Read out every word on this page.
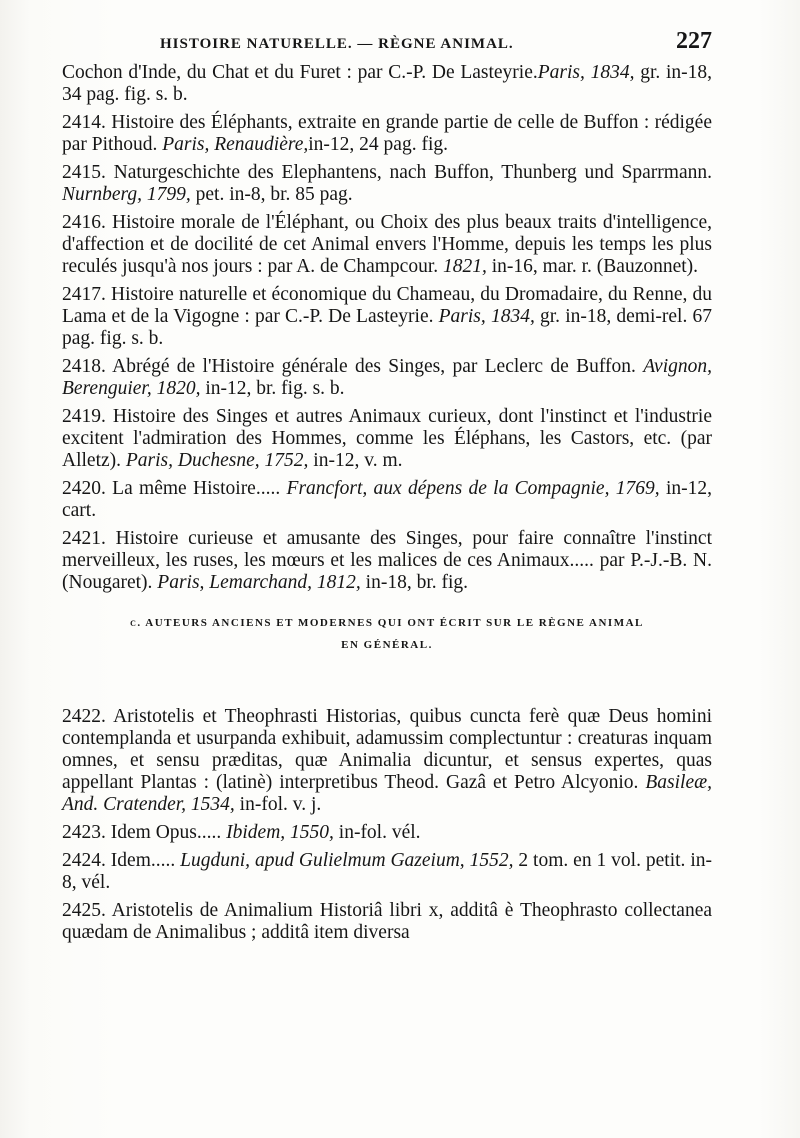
HISTOIRE NATURELLE. — RÈGNE ANIMAL.	227
Cochon d'Inde, du Chat et du Furet : par C.-P. De Lasteyrie.Paris, 1834, gr. in-18, 34 pag. fig. s. b.
2414. Histoire des Éléphants, extraite en grande partie de celle de Buffon : rédigée par Pithoud. Paris, Renaudière,in-12, 24 pag. fig.
2415. Naturgeschichte des Elephantens, nach Buffon, Thunberg und Sparrmann. Nurnberg, 1799, pet. in-8, br. 85 pag.
2416. Histoire morale de l'Éléphant, ou Choix des plus beaux traits d'intelligence, d'affection et de docilité de cet Animal envers l'Homme, depuis les temps les plus reculés jusqu'à nos jours : par A. de Champcour. 1821, in-16, mar. r. (Bauzonnet).
2417. Histoire naturelle et économique du Chameau, du Dromadaire, du Renne, du Lama et de la Vigogne : par C.-P. De Lasteyrie. Paris, 1834, gr. in-18, demi-rel. 67 pag. fig. s. b.
2418. Abrégé de l'Histoire générale des Singes, par Leclerc de Buffon. Avignon, Berenguier, 1820, in-12, br. fig. s. b.
2419. Histoire des Singes et autres Animaux curieux, dont l'instinct et l'industrie excitent l'admiration des Hommes, comme les Éléphans, les Castors, etc. (par Alletz). Paris, Duchesne, 1752, in-12, v. m.
2420. La même Histoire..... Francfort, aux dépens de la Compagnie, 1769, in-12, cart.
2421. Histoire curieuse et amusante des Singes, pour faire connaître l'instinct merveilleux, les ruses, les mœurs et les malices de ces Animaux..... par P.-J.-B. N. (Nougaret). Paris, Lemarchand, 1812, in-18, br. fig.
c. AUTEURS ANCIENS ET MODERNES QUI ONT ÉCRIT SUR LE RÈGNE ANIMAL
EN GÉNÉRAL.
2422. Aristotelis et Theophrasti Historias, quibus cuncta ferè quæ Deus homini contemplanda et usurpanda exhibuit, adamussim complectuntur : creaturas inquam omnes, et sensu præditas, quæ Animalia dicuntur, et sensus expertes, quas appellant Plantas : (latinè) interpretibus Theod. Gazâ et Petro Alcyonio. Basileæ, And. Cratender, 1534, in-fol. v. j.
2423. Idem Opus..... Ibidem, 1550, in-fol. vél.
2424. Idem..... Lugduni, apud Gulielmum Gazeium, 1552, 2 tom. en 1 vol. petit. in-8, vél.
2425. Aristotelis de Animalium Historiâ libri x, additâ è Theophrasto collectanea quædam de Animalibus ; additâ item diversa
